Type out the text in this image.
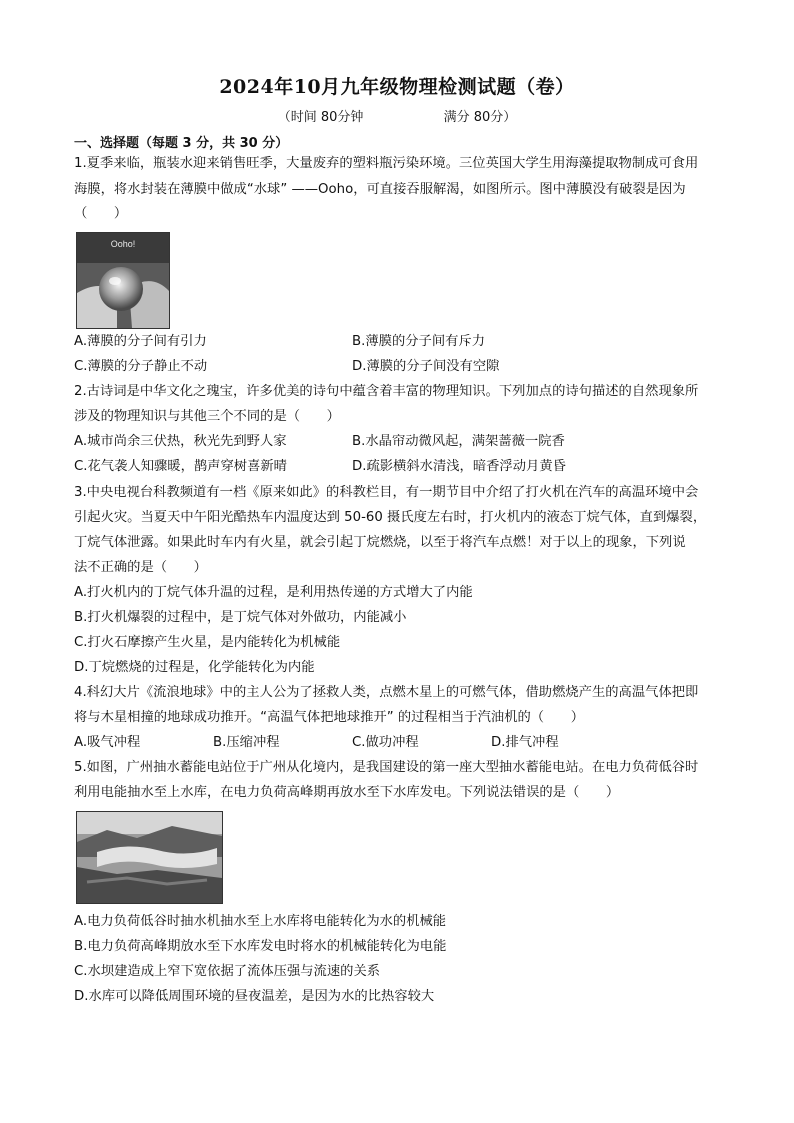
2024年10月九年级物理检测试题（卷）
（时间 80分钟	满分 80分）
一、选择题（每题 3 分，共 30 分）
1.夏季来临，瓶装水迎来销售旺季，大量废弃的塑料瓶污染环境。三位英国大学生用海藻提取物制成可食用
海膜，将水封装在薄膜中做成“水球” ——Ooho，可直接吞服解渴，如图所示。图中薄膜没有破裂是因为
（　　）
Ooho!
A.薄膜的分子间有引力	B.薄膜的分子间有斥力
C.薄膜的分子静止不动	D.薄膜的分子间没有空隙
2.古诗词是中华文化之瑰宝，许多优美的诗句中蕴含着丰富的物理知识。下列加点的诗句描述的自然现象所
涉及的物理知识与其他三个不同的是（　　）
A.城市尚余三伏热，秋光先到野人家	B.水晶帘动微风起，满架蔷薇一院香
C.花气袭人知骤暖，鹊声穿树喜新晴	D.疏影横斜水清浅，暗香浮动月黄昏
3.中央电视台科教频道有一档《原来如此》的科教栏目，有一期节目中介绍了打火机在汽车的高温环境中会
引起火灾。当夏天中午阳光酷热车内温度达到 50-60 摄氏度左右时，打火机内的液态丁烷气体，直到爆裂，
丁烷气体泄露。如果此时车内有火星，就会引起丁烷燃烧，以至于将汽车点燃！对于以上的现象，下列说
法不正确的是（　　）
A.打火机内的丁烷气体升温的过程，是利用热传递的方式增大了内能
B.打火机爆裂的过程中，是丁烷气体对外做功，内能减小
C.打火石摩擦产生火星，是内能转化为机械能
D.丁烷燃烧的过程是，化学能转化为内能
4.科幻大片《流浪地球》中的主人公为了拯救人类，点燃木星上的可燃气体，借助燃烧产生的高温气体把即
将与木星相撞的地球成功推开。“高温气体把地球推开” 的过程相当于汽油机的（　　）
A.吸气冲程	B.压缩冲程	C.做功冲程	D.排气冲程
5.如图，广州抽水蓄能电站位于广州从化境内，是我国建设的第一座大型抽水蓄能电站。在电力负荷低谷时
利用电能抽水至上水库，在电力负荷高峰期再放水至下水库发电。下列说法错误的是（　　）
A.电力负荷低谷时抽水机抽水至上水库将电能转化为水的机械能
B.电力负荷高峰期放水至下水库发电时将水的机械能转化为电能
C.水坝建造成上窄下宽依据了流体压强与流速的关系
D.水库可以降低周围环境的昼夜温差，是因为水的比热容较大
